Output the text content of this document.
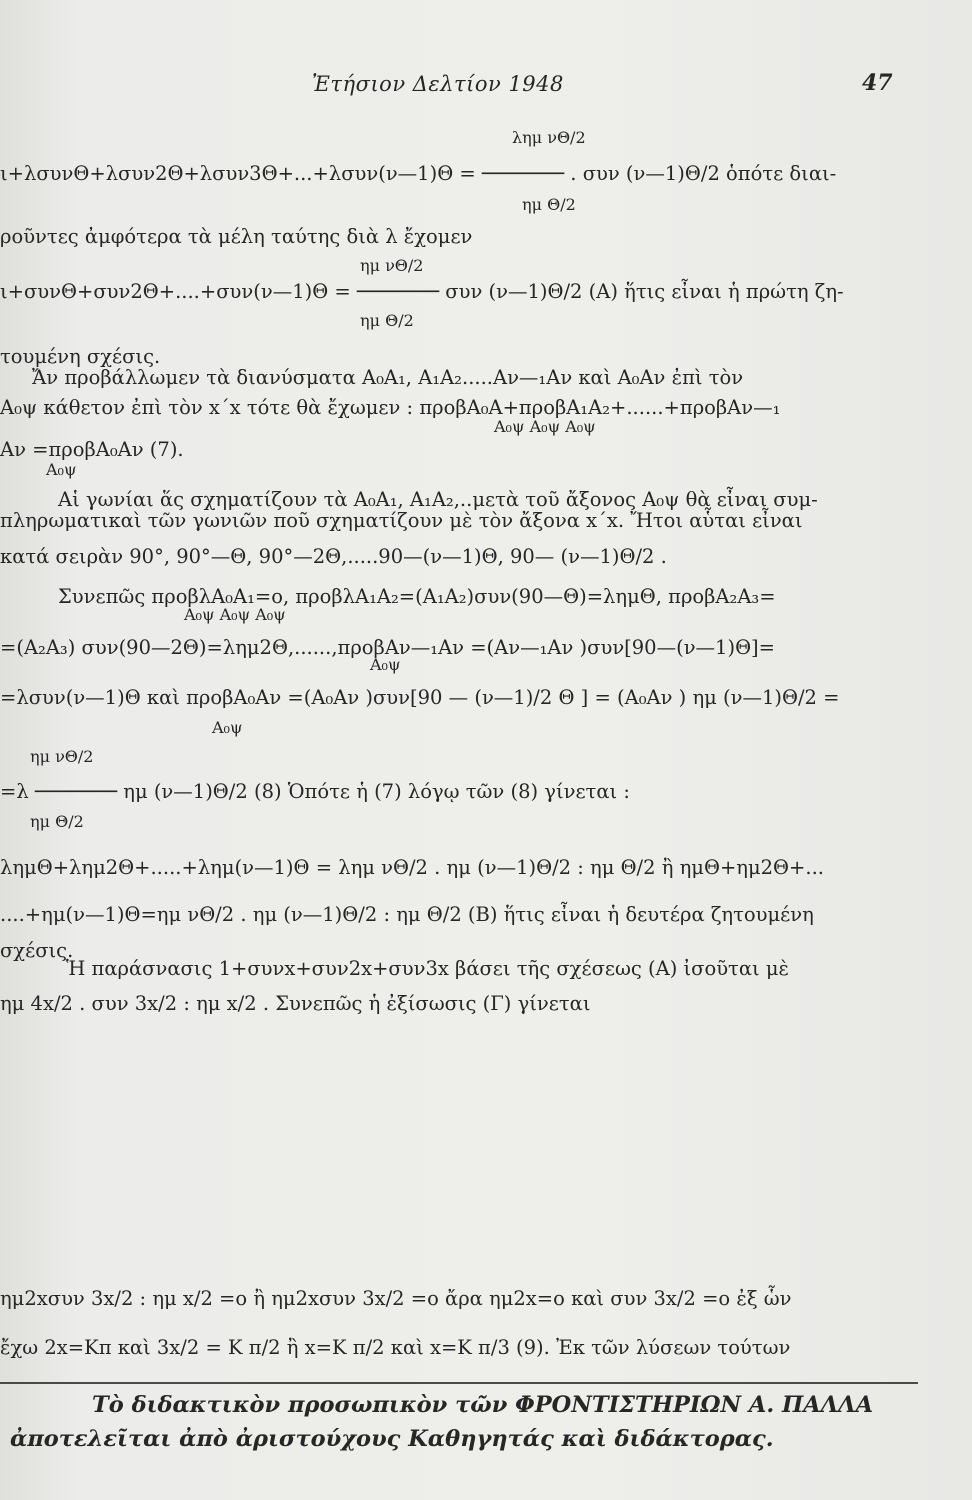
Ἐτήσιον Δελτίον 1948	47
λημ νΘ/2
ι+λσυνΘ+λσυν2Θ+λσυν3Θ+...+λσυν(ν—1)Θ = ─────── . συν (ν—1)Θ/2 ὁπότε διαι-
ημ Θ/2
ροῦντες ἀμφότερα τὰ μέλη ταύτης διὰ λ ἔχομεν
ημ νΘ/2
ι+συνΘ+συν2Θ+....+συν(ν—1)Θ = ─────── συν (ν—1)Θ/2 (Α) ἥτις εἶναι ἡ πρώτη ζη-
ημ Θ/2
τουμένη σχέσις.
Ἄν προβάλλωμεν τὰ διανύσματα Α₀Α₁, Α₁Α₂.....Αν—₁Αν καὶ Α₀Αν ἐπὶ τὸν
Α₀ψ κάθετον ἐπὶ τὸν x΄x τότε θὰ ἔχωμεν : προβΑ₀Α+προβΑ₁Α₂+......+προβΑν—₁
Α₀ψ Α₀ψ Α₀ψ
Αν =προβΑ₀Αν (7).
Α₀ψ
Αἱ γωνίαι ἅς σχηματίζουν τὰ Α₀Α₁, Α₁Α₂,..μετὰ τοῦ ἄξονος Α₀ψ θὰ εἶναι συμ-
πληρωματικαὶ τῶν γωνιῶν ποῦ σχηματίζουν μὲ τὸν ἄξονα x΄x. Ἤτοι αὗται εἶναι
κατά σειρὰν 90°, 90°—Θ, 90°—2Θ,.....90—(ν—1)Θ, 90— (ν—1)Θ/2 .
Συνεπῶς προβλΑ₀Α₁=ο, προβλΑ₁Α₂=(Α₁Α₂)συν(90—Θ)=λημΘ, προβΑ₂Α₃=
Α₀ψ Α₀ψ Α₀ψ
=(Α₂Α₃) συν(90—2Θ)=λημ2Θ,......,προβΑν—₁Αν =(Αν—₁Αν )συν[90—(ν—1)Θ]=
Α₀ψ
=λσυν(ν—1)Θ καὶ προβΑ₀Αν =(Α₀Αν )συν[90 — (ν—1)/2 Θ ] = (Α₀Αν ) ημ (ν—1)Θ/2 =
Α₀ψ
ημ νΘ/2
=λ ─────── ημ (ν—1)Θ/2 (8) Ὁπότε ἡ (7) λόγῳ τῶν (8) γίνεται :
ημ Θ/2
λημΘ+λημ2Θ+.....+λημ(ν—1)Θ = λημ νΘ/2 . ημ (ν—1)Θ/2 : ημ Θ/2 ἢ ημΘ+ημ2Θ+...
....+ημ(ν—1)Θ=ημ νΘ/2 . ημ (ν—1)Θ/2 : ημ Θ/2 (Β) ἥτις εἶναι ἡ δευτέρα ζητουμένη
σχέσις.
Ἡ παράσνασις 1+συνx+συν2x+συν3x βάσει τῆς σχέσεως (Α) ἰσοῦται μὲ
ημ 4x/2 . συν 3x/2 : ημ x/2 . Συνεπῶς ἡ ἐξίσωσις (Γ) γίνεται
ημ2xσυν 3x/2 : ημ x/2 =ο ἢ ημ2xσυν 3x/2 =ο ἄρα ημ2x=ο καὶ συν 3x/2 =ο ἐξ ὧν
ἔχω 2x=Κπ καὶ 3x/2 = Κ π/2 ἢ x=Κ π/2 καὶ x=Κ π/3 (9). Ἐκ τῶν λύσεων τούτων
Τὸ διδακτικὸν προσωπικὸν τῶν ΦΡΟΝΤΙΣΤΗΡΙΩΝ Α. ΠΑΛΛΑ
ἀποτελεῖται ἀπὸ ἀριστούχους Καθηγητάς καὶ διδάκτορας.
